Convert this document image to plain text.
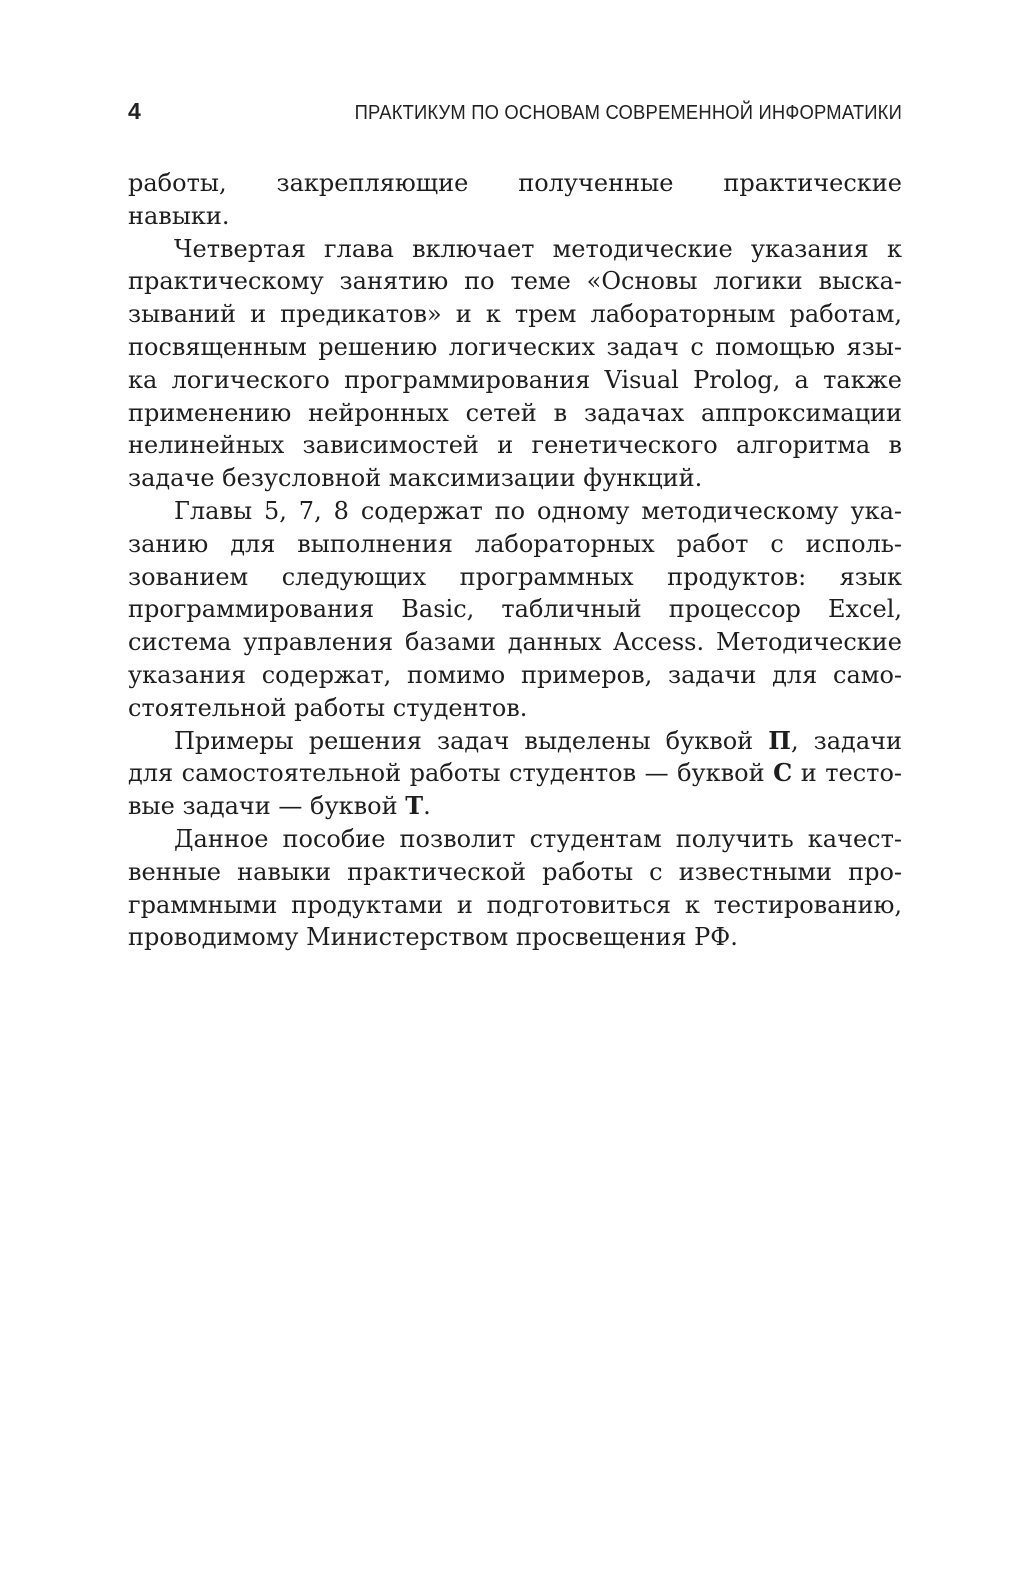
4	ПРАКТИКУМ ПО ОСНОВАМ СОВРЕМЕННОЙ ИНФОРМАТИКИ
работы, закрепляющие полученные практические
навыки.
Четвертая глава включает методические указания к
практическому занятию по теме «Основы логики выска-
зываний и предикатов» и к трем лабораторным работам,
посвященным решению логических задач с помощью язы-
ка логического программирования Visual Prolog, а также
применению нейронных сетей в задачах аппроксимации
нелинейных зависимостей и генетического алгоритма в
задаче безусловной максимизации функций.
Главы 5, 7, 8 содержат по одному методическому ука-
занию для выполнения лабораторных работ с исполь-
зованием следующих программных продуктов: язык
программирования Basic, табличный процессор Excel,
система управления базами данных Access. Методические
указания содержат, помимо примеров, задачи для само-
стоятельной работы студентов.
Примеры решения задач выделены буквой П, задачи
для самостоятельной работы студентов — буквой С и тесто-
вые задачи — буквой Т.
Данное пособие позволит студентам получить качест-
венные навыки практической работы с известными про-
граммными продуктами и подготовиться к тестированию,
проводимому Министерством просвещения РФ.
